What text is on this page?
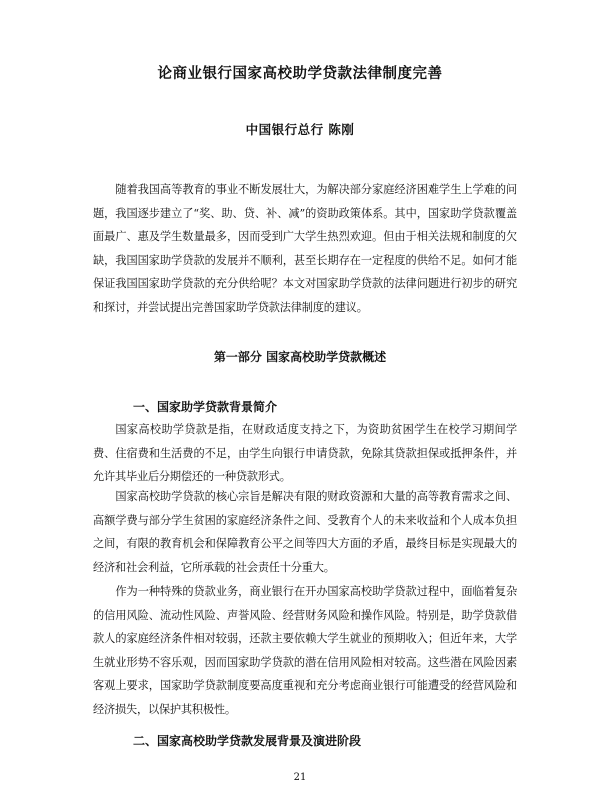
论商业银行国家高校助学贷款法律制度完善
中国银行总行 陈刚
随着我国高等教育的事业不断发展壮大，为解决部分家庭经济困难学生上学难的问题，我国逐步建立了“奖、助、贷、补、减”的资助政策体系。其中，国家助学贷款覆盖面最广、惠及学生数量最多，因而受到广大学生热烈欢迎。但由于相关法规和制度的欠缺，我国国家助学贷款的发展并不顺利，甚至长期存在一定程度的供给不足。如何才能保证我国国家助学贷款的充分供给呢？本文对国家助学贷款的法律问题进行初步的研究和探讨，并尝试提出完善国家助学贷款法律制度的建议。
第一部分 国家高校助学贷款概述
一、国家助学贷款背景简介
国家高校助学贷款是指，在财政适度支持之下，为资助贫困学生在校学习期间学费、住宿费和生活费的不足，由学生向银行申请贷款，免除其贷款担保或抵押条件，并允许其毕业后分期偿还的一种贷款形式。
国家高校助学贷款的核心宗旨是解决有限的财政资源和大量的高等教育需求之间、高额学费与部分学生贫困的家庭经济条件之间、受教育个人的未来收益和个人成本负担之间，有限的教育机会和保障教育公平之间等四大方面的矛盾，最终目标是实现最大的经济和社会利益，它所承载的社会责任十分重大。
作为一种特殊的贷款业务，商业银行在开办国家高校助学贷款过程中，面临着复杂的信用风险、流动性风险、声誉风险、经营财务风险和操作风险。特别是，助学贷款借款人的家庭经济条件相对较弱，还款主要依赖大学生就业的预期收入；但近年来，大学生就业形势不容乐观，因而国家助学贷款的潜在信用风险相对较高。这些潜在风险因素客观上要求，国家助学贷款制度要高度重视和充分考虑商业银行可能遭受的经营风险和经济损失，以保护其积极性。
二、国家高校助学贷款发展背景及演进阶段
21
